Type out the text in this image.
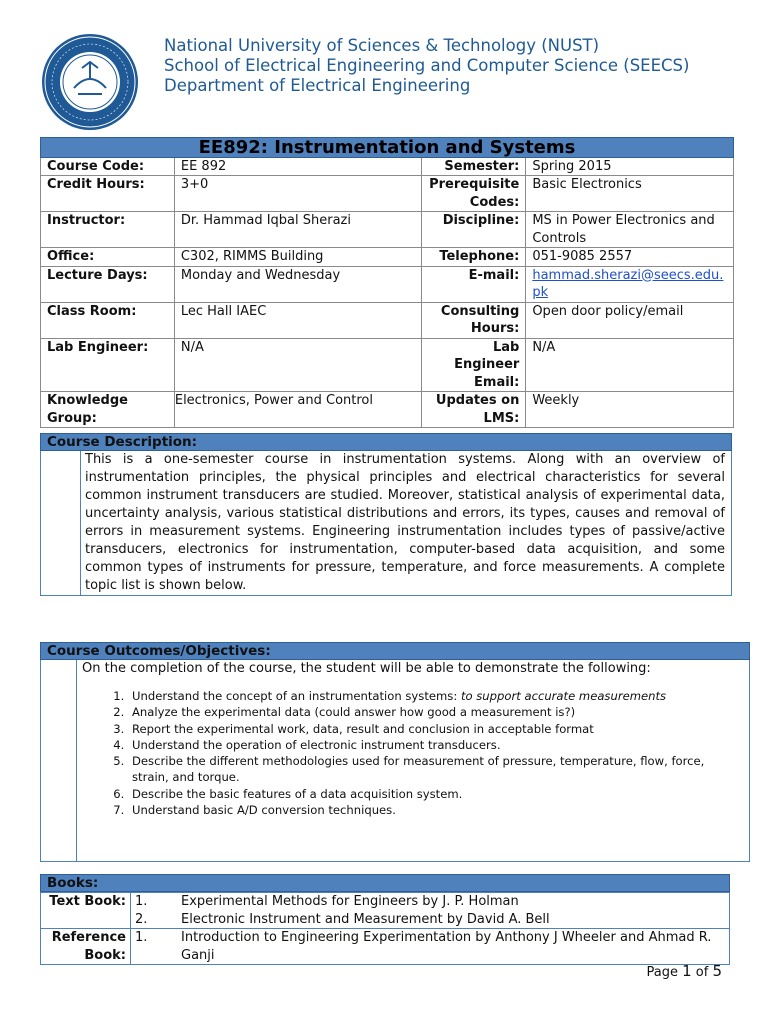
National University of Sciences & Technology (NUST)
School of Electrical Engineering and Computer Science (SEECS)
Department of Electrical Engineering
EE892: Instrumentation and Systems			
Course Code:	EE 892	Semester:	Spring 2015
Credit Hours:	3+0	Prerequisite Codes:	Basic Electronics
Instructor:	Dr. Hammad Iqbal Sherazi	Discipline:	MS in Power Electronics and Controls
Office:	C302, RIMMS Building	Telephone:	051-9085 2557
Lecture Days:	Monday and Wednesday	E-mail:	hammad.sherazi@seecs.edu.pk
Class Room:	Lec Hall IAEC	Consulting Hours:	Open door policy/email
Lab Engineer:	N/A	Lab Engineer Email:	N/A
Knowledge Group:	Electronics, Power and Control	Updates on LMS:	Weekly
Course Description:
This is a one-semester course in instrumentation systems. Along with an overview of instrumentation principles, the physical principles and electrical characteristics for several common instrument transducers are studied. Moreover, statistical analysis of experimental data, uncertainty analysis, various statistical distributions and errors, its types, causes and removal of errors in measurement systems. Engineering instrumentation includes types of passive/active transducers, electronics for instrumentation, computer-based data acquisition, and some common types of instruments for pressure, temperature, and force measurements. A complete topic list is shown below.
Course Outcomes/Objectives:
On the completion of the course, the student will be able to demonstrate the following:
1. Understand the concept of an instrumentation systems: to support accurate measurements
2. Analyze the experimental data (could answer how good a measurement is?)
3. Report the experimental work, data, result and conclusion in acceptable format
4. Understand the operation of electronic instrument transducers.
5. Describe the different methodologies used for measurement of pressure, temperature, flow, force, strain, and torque.
6. Describe the basic features of a data acquisition system.
7. Understand basic A/D conversion techniques.
Books:
Text Book:	1. Experimental Methods for Engineers by J. P. Holman
2. Electronic Instrument and Measurement by David A. Bell

Reference Book:	1. Introduction to Engineering Experimentation by Anthony J Wheeler and Ahmad R. Ganji
Page 1 of 5
